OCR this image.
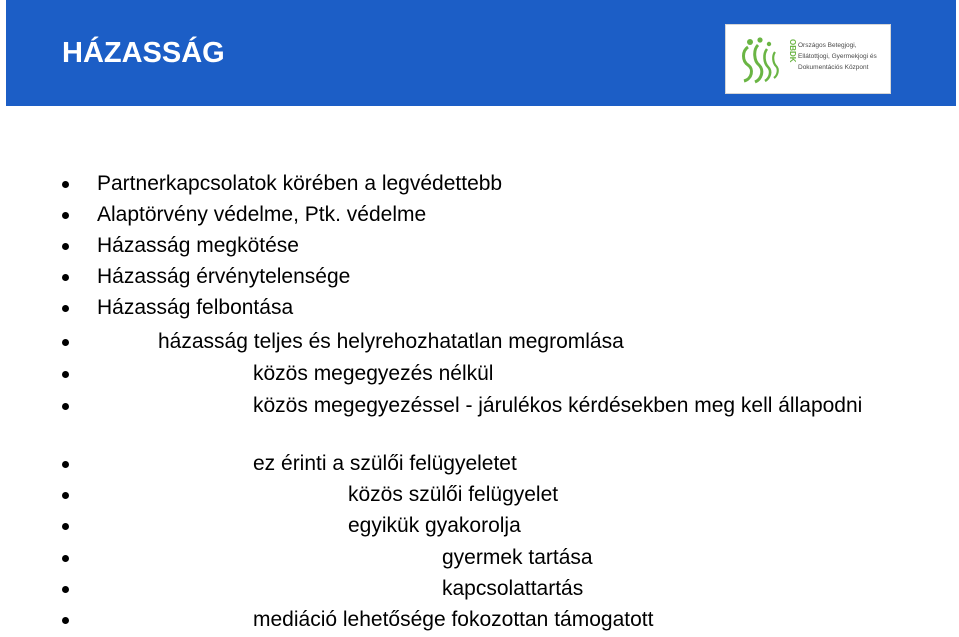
HÁZASSÁG	OBDK Országos Betegjogi,
Ellátottjogi, Gyermekjogi és
Dokumentációs Központ
Partnerkapcsolatok körében a legvédettebb
Alaptörvény védelme, Ptk. védelme
Házasság megkötése
Házasság érvénytelensége
Házasság felbontása
házasság teljes és helyrehozhatatlan megromlása
közös megegyezés nélkül
közös megegyezéssel - járulékos kérdésekben meg kell állapodni
ez érinti a szülői felügyeletet
közös szülői felügyelet
egyikük gyakorolja
gyermek tartása
kapcsolattartás
mediáció lehetősége fokozottan támogatott
